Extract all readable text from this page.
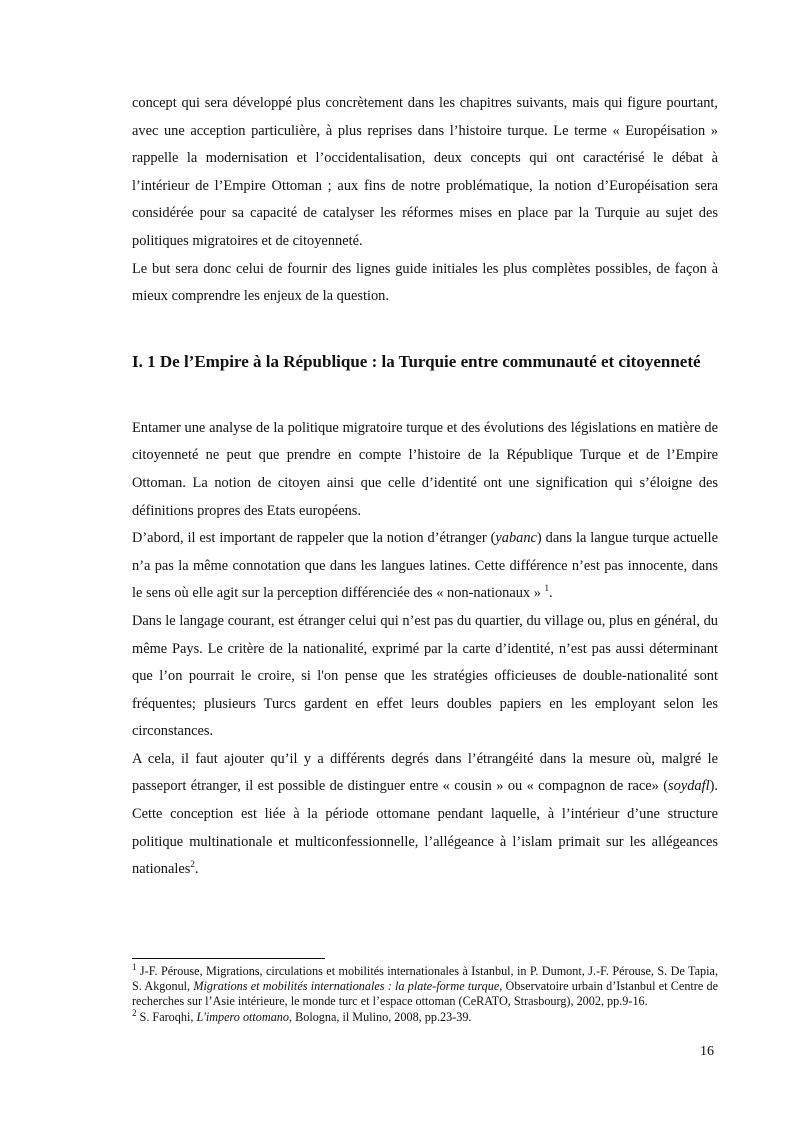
concept qui sera développé plus concrètement dans les chapitres suivants, mais qui figure pourtant, avec une acception particulière, à plus reprises dans l’histoire turque. Le terme « Européisation » rappelle la modernisation et l’occidentalisation, deux concepts qui ont caractérisé le débat à l’intérieur de l’Empire Ottoman ; aux fins de notre problématique, la notion d’Européisation sera considérée pour sa capacité de catalyser les réformes mises en place par la Turquie au sujet des politiques migratoires et de citoyenneté.

Le but sera donc celui de fournir des lignes guide initiales les plus complètes possibles, de façon à mieux comprendre les enjeux de la question.

I. 1 De l’Empire à la République : la Turquie entre communauté et citoyenneté

Entamer une analyse de la politique migratoire turque et des évolutions des législations en matière de citoyenneté ne peut que prendre en compte l’histoire de la République Turque et de l’Empire Ottoman. La notion de citoyen ainsi que celle d’identité ont une signification qui s’éloigne des définitions propres des Etats européens.

D’abord, il est important de rappeler que la notion d’étranger (yabanc) dans la langue turque actuelle n’a pas la même connotation que dans les langues latines. Cette différence n’est pas innocente, dans le sens où elle agit sur la perception différenciée des « non-nationaux » $^1$.

Dans le langage courant, est étranger celui qui n’est pas du quartier, du village ou, plus en général, du même Pays. Le critère de la nationalité, exprimé par la carte d’identité, n’est pas aussi déterminant que l’on pourrait le croire, si l'on pense que les stratégies officieuses de double-nationalité sont fréquentes; plusieurs Turcs gardent en effet leurs doubles papiers en les employant selon les circonstances.

A cela, il faut ajouter qu’il y a différents degrés dans l’étrangéité dans la mesure où, malgré le passeport étranger, il est possible de distinguer entre « cousin » ou « compagnon de race» (soydafl). Cette conception est liée à la période ottomane pendant laquelle, à l’intérieur d’une structure politique multinationale et multiconfessionnelle, l’allégeance à l’islam primait sur les allégeances nationales$^2$.

$^1$ J-F. Pérouse, Migrations, circulations et mobilités internationales à Istanbul, in P. Dumont, J.-F. Pérouse, S. De Tapia, S. Akgonul, Migrations et mobilités internationales : la plate-forme turque, Observatoire urbain d’Istanbul et Centre de recherches sur l’Asie intérieure, le monde turc et l’espace ottoman (CeRATO, Strasbourg), 2002, pp.9-16.

$^2$ S. Faroqhi, L'impero ottomano, Bologna, il Mulino, 2008, pp.23-39.

16
